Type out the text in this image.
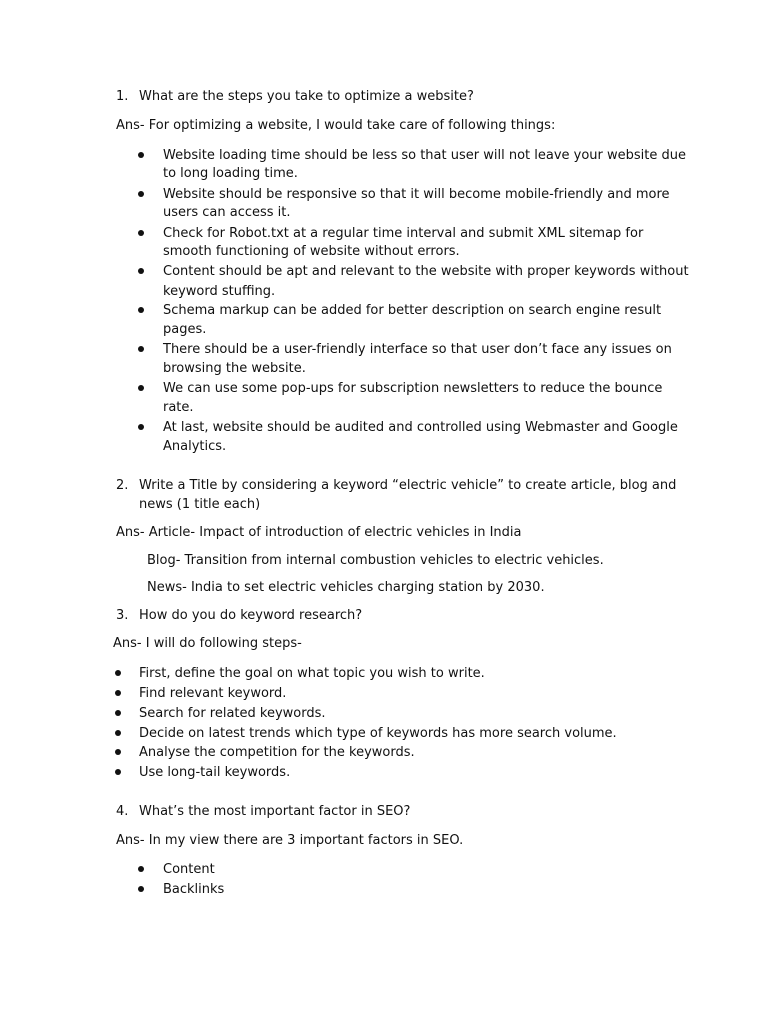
1. What are the steps you take to optimize a website?
Ans- For optimizing a website, I would take care of following things:
Website loading time should be less so that user will not leave your website due
to long loading time.
Website should be responsive so that it will become mobile-friendly and more
users can access it.
Check for Robot.txt at a regular time interval and submit XML sitemap for
smooth functioning of website without errors.
Content should be apt and relevant to the website with proper keywords without
keyword stuffing.
Schema markup can be added for better description on search engine result
pages.
There should be a user-friendly interface so that user don’t face any issues on
browsing the website.
We can use some pop-ups for subscription newsletters to reduce the bounce
rate.
At last, website should be audited and controlled using Webmaster and Google
Analytics.
2. Write a Title by considering a keyword “electric vehicle” to create article, blog and
news (1 title each)
Ans- Article- Impact of introduction of electric vehicles in India
Blog- Transition from internal combustion vehicles to electric vehicles.
News- India to set electric vehicles charging station by 2030.
3. How do you do keyword research?
Ans- I will do following steps-
First, define the goal on what topic you wish to write.
Find relevant keyword.
Search for related keywords.
Decide on latest trends which type of keywords has more search volume.
Analyse the competition for the keywords.
Use long-tail keywords.
4. What’s the most important factor in SEO?
Ans- In my view there are 3 important factors in SEO.
Content
Backlinks
